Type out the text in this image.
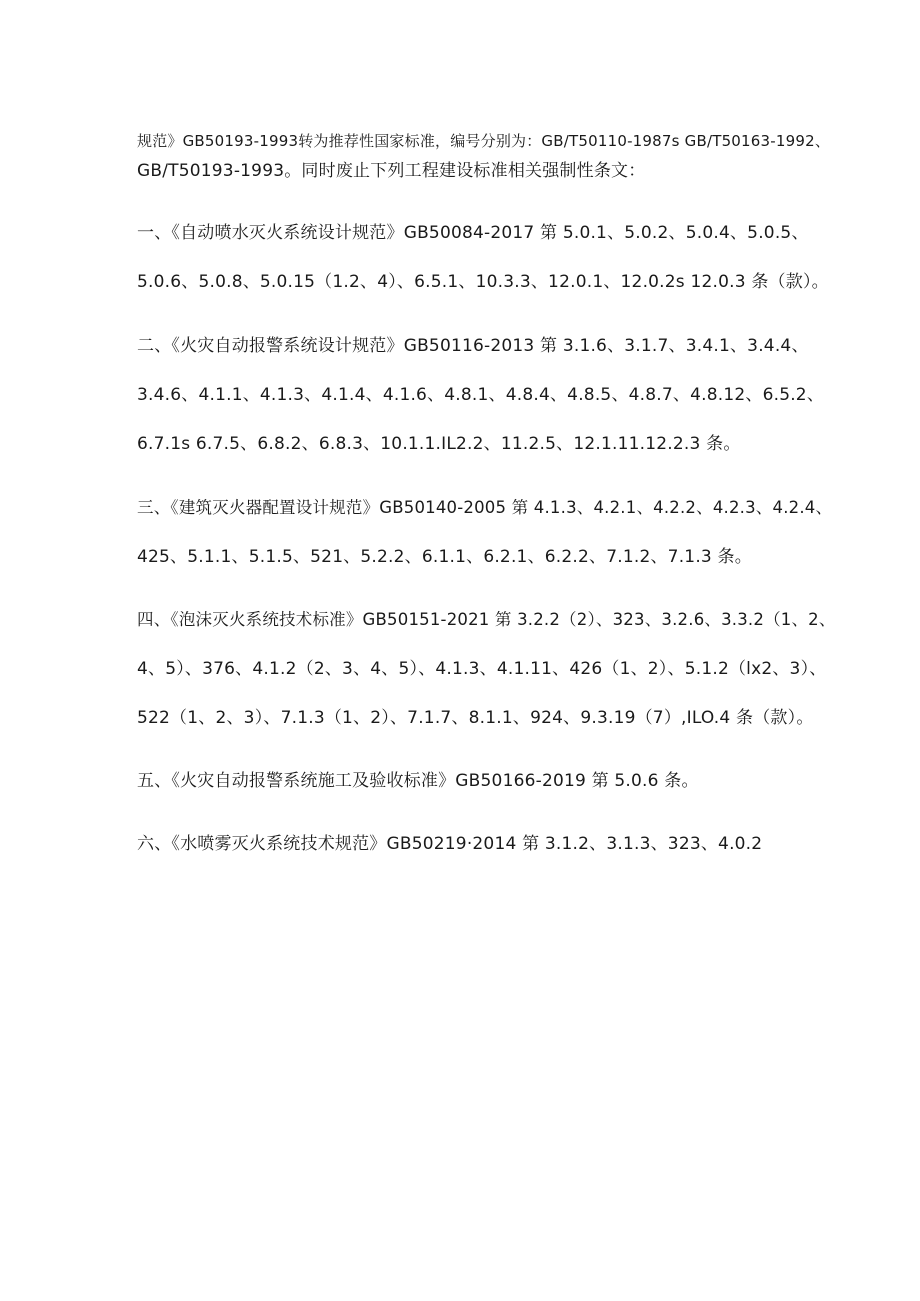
规范》GB50193-1993转为推荐性国家标准，编号分别为：GB/T50110-1987s GB/T50163-1992、
GB/T50193-1993。同时废止下列工程建设标准相关强制性条文：
一、《自动喷水灭火系统设计规范》GB50084-2017 第 5.0.1、5.0.2、5.0.4、5.0.5、
5.0.6、5.0.8、5.0.15（1.2、4）、6.5.1、10.3.3、12.0.1、12.0.2s 12.0.3 条（款）。
二、《火灾自动报警系统设计规范》GB50116-2013 第 3.1.6、3.1.7、3.4.1、3.4.4、
3.4.6、4.1.1、4.1.3、4.1.4、4.1.6、4.8.1、4.8.4、4.8.5、4.8.7、4.8.12、6.5.2、
6.7.1s 6.7.5、6.8.2、6.8.3、10.1.1.IL2.2、11.2.5、12.1.11.12.2.3 条。
三、《建筑灭火器配置设计规范》GB50140-2005 第 4.1.3、4.2.1、4.2.2、4.2.3、4.2.4、
425、5.1.1、5.1.5、521、5.2.2、6.1.1、6.2.1、6.2.2、7.1.2、7.1.3 条。
四、《泡沫灭火系统技术标准》GB50151-2021 第 3.2.2（2）、323、3.2.6、3.3.2（1、2、
4、5）、376、4.1.2（2、3、4、5）、4.1.3、4.1.11、426（1、2）、5.1.2（lx2、3）、
522（1、2、3）、7.1.3（1、2）、7.1.7、8.1.1、924、9.3.19（7）,ILO.4 条（款）。
五、《火灾自动报警系统施工及验收标准》GB50166-2019 第 5.0.6 条。
六、《水喷雾灭火系统技术规范》GB50219·2014 第 3.1.2、3.1.3、323、4.0.2
